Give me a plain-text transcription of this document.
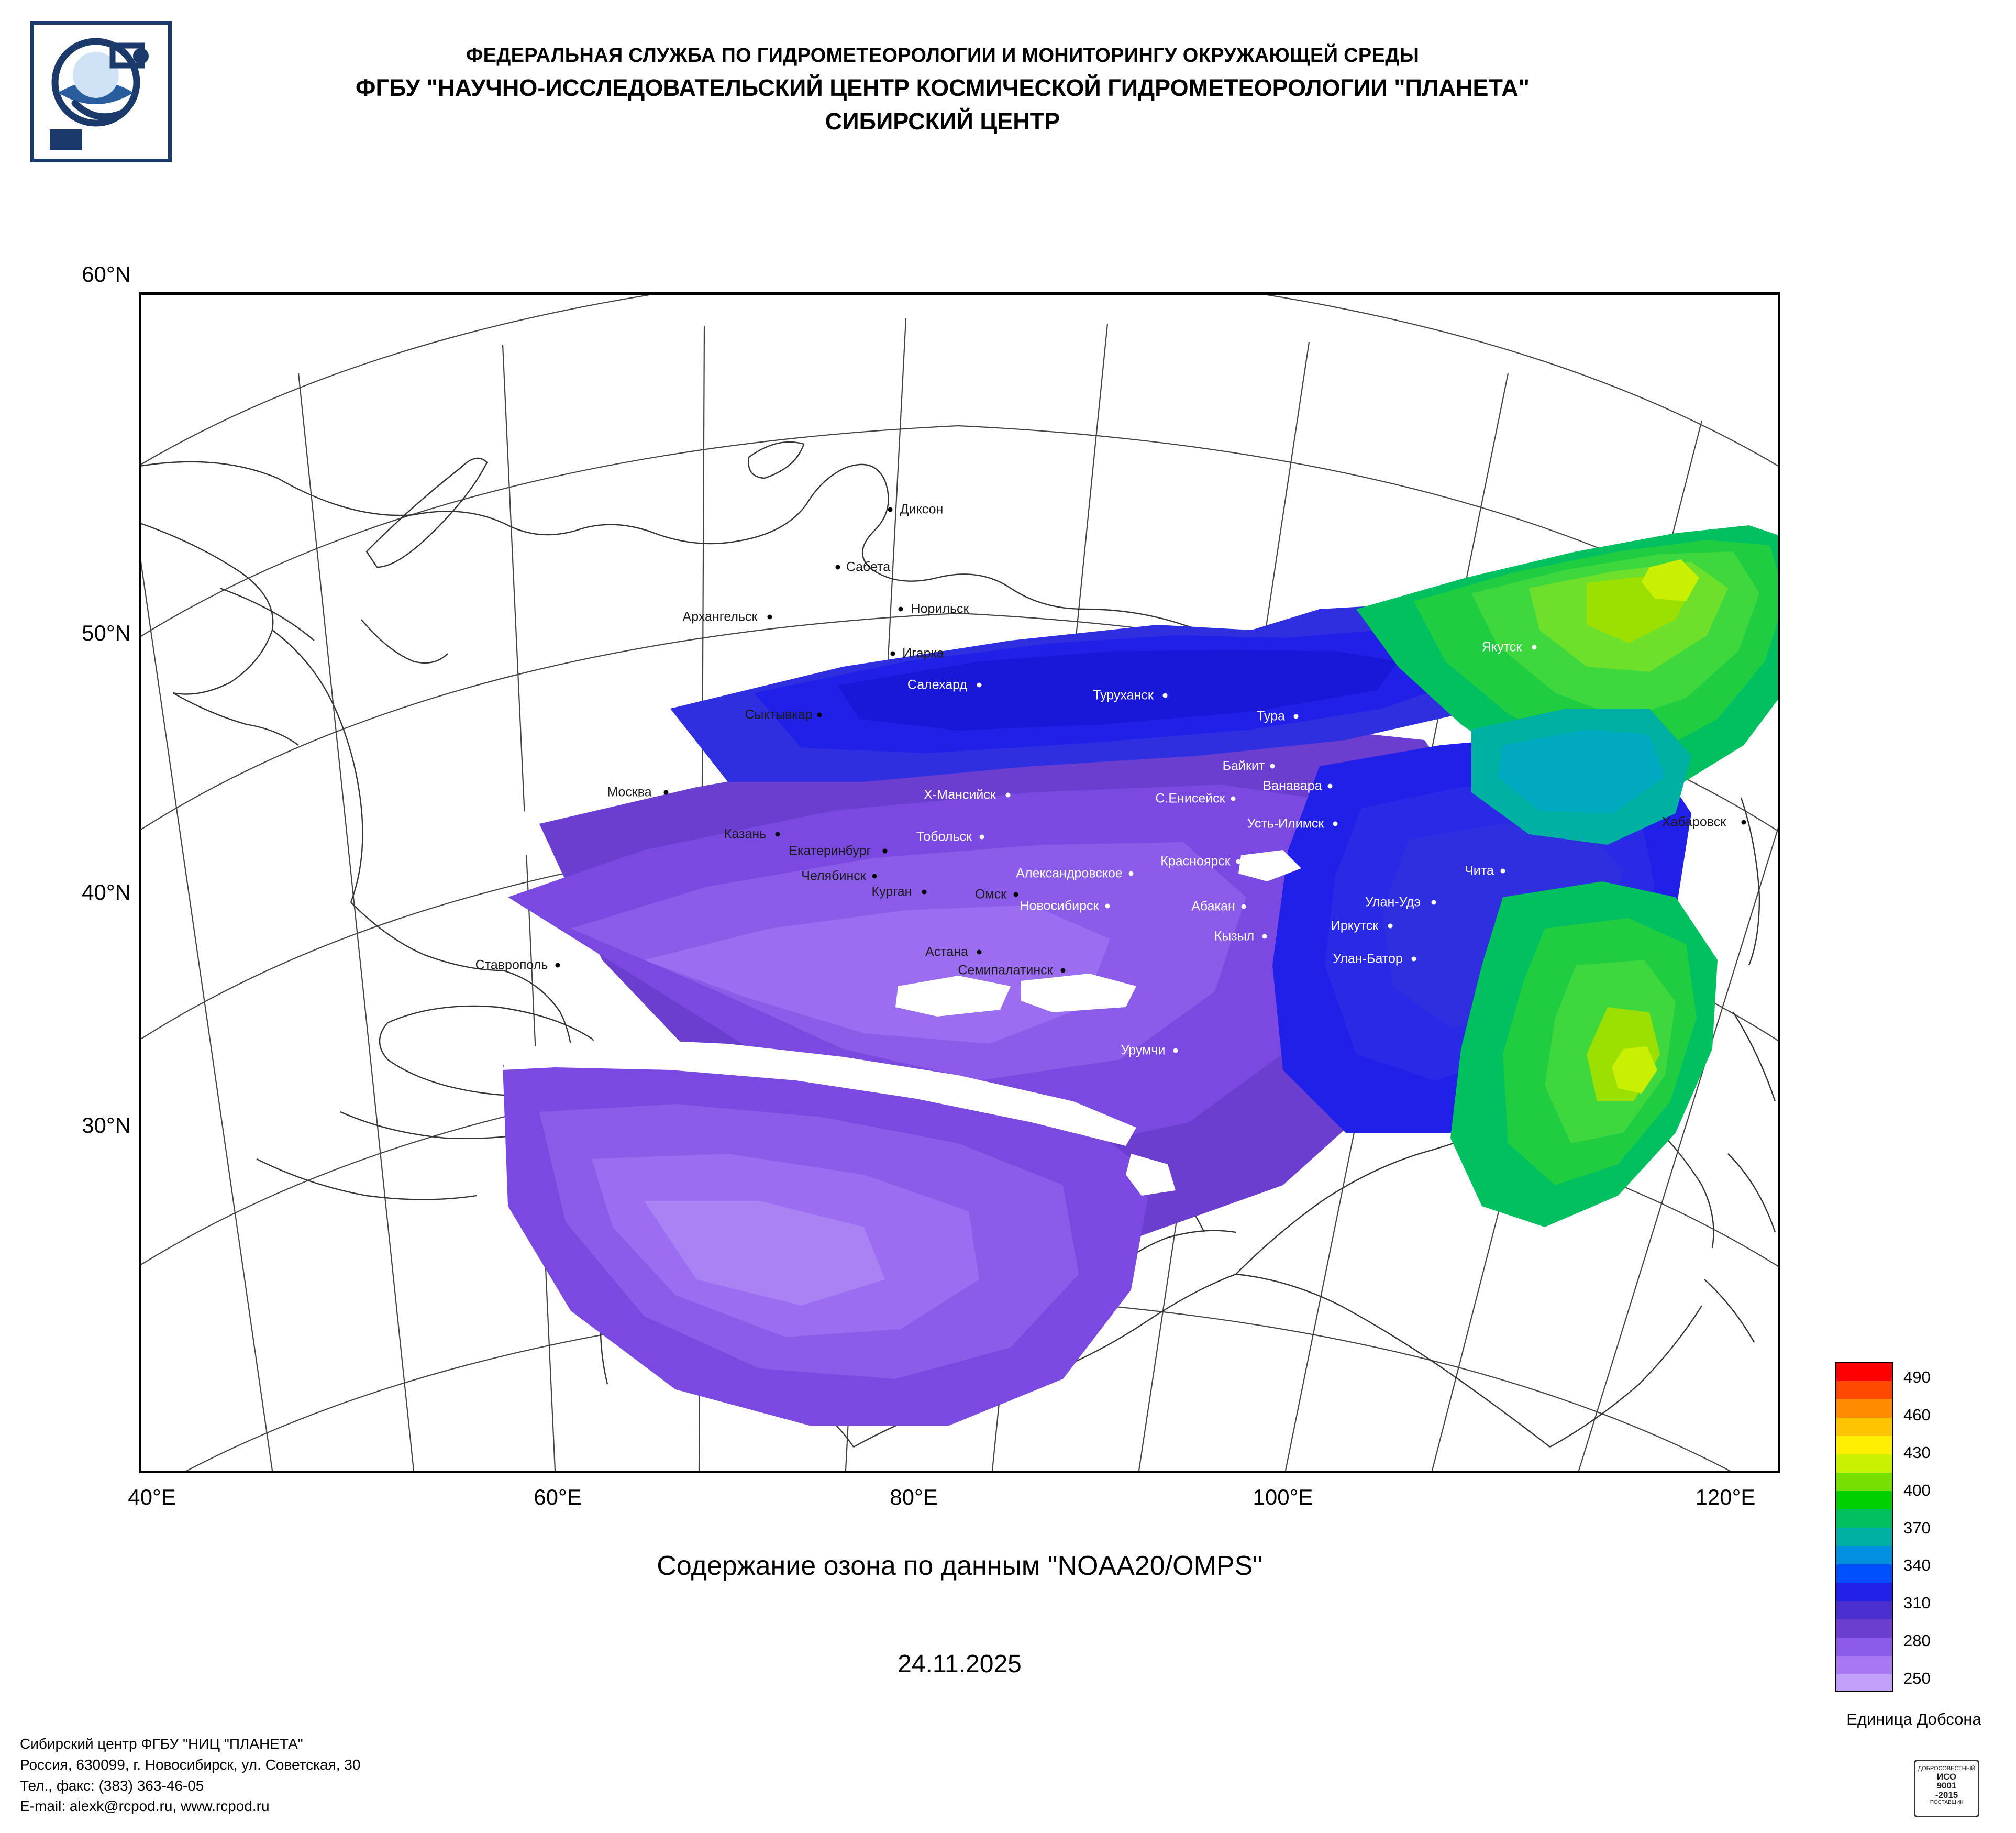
ФЕДЕРАЛЬНАЯ СЛУЖБА ПО ГИДРОМЕТЕОРОЛОГИИ И МОНИТОРИНГУ ОКРУЖАЮЩЕЙ СРЕДЫ
ФГБУ "НАУЧНО-ИССЛЕДОВАТЕЛЬСКИЙ ЦЕНТР КОСМИЧЕСКОЙ ГИДРОМЕТЕОРОЛОГИИ "ПЛАНЕТА"
СИБИРСКИЙ ЦЕНТР
60°N
50°N
40°N
30°N
40°E	60°E	80°E	100°E	120°E
Диксон
Сабета
Норильск
Игарка
Архангельск
Салехард
Туруханск
Тура
Якутск
Сыктывкар
Байкит
Ванавара
Москва	Х-Мансийск	С.Енисейск
Усть-Илимск	Хабаровск
Казань	Тобольск
Екатеринбург
Красноярск
Александровское
Челябинск	Чита
Курган	Омск
Новосибирск	Абакан	Улан-Удэ
Иркутск
Кызыл
Астана	Улан-Батор
Семипалатинск
Ставрополь
Урумчи
Содержание озона по данным "NOAA20/OMPS"
24.11.2025
Сибирский центр ФГБУ "НИЦ "ПЛАНЕТА"
Россия, 630099, г. Новосибирск, ул. Советская, 30
Тел., факс: (383) 363-46-05
E-mail: alexk@rcpod.ru, www.rcpod.ru
490
460
430
400
370
340
310
280
250
Единица Добсона
ДОБРОСОВЕСТНЫЙ
ИСО
9001
-2015
ПОСТАВЩИК
